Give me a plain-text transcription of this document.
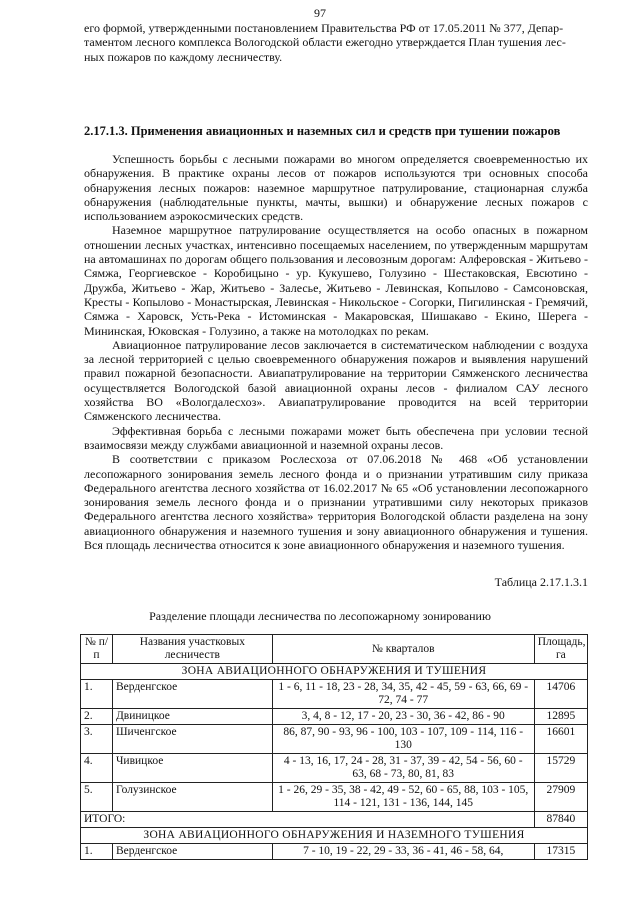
97
его формой, утвержденными постановлением Правительства РФ от 17.05.2011 № 377, Депар-
таментом лесного комплекса Вологодской области ежегодно утверждается План тушения лес-
ных пожаров по каждому лесничеству.
2.17.1.3. Применения авиационных и наземных сил и средств при тушении пожаров

Успешность борьбы с лесными пожарами во многом определяется своевременностью их обнаружения. В практике охраны лесов от пожаров используются три основных способа обнаружения лесных пожаров: наземное маршрутное патрулирование, стационарная служба обнаружения (наблюдательные пункты, мачты, вышки) и обнаружение лесных пожаров с использованием аэрокосмических средств.

Наземное маршрутное патрулирование осуществляется на особо опасных в пожарном отношении лесных участках, интенсивно посещаемых населением, по утвержденным маршрутам на автомашинах по дорогам общего пользования и лесовозным дорогам: Алферовская - Житьево - Сямжа, Георгиевское - Коробицыно - ур. Кукушево, Голузино - Шестаковская, Евсютино - Дружба, Житьево - Жар, Житьево - Залесье, Житьево - Левинская, Копылово - Самсоновская, Кресты - Копылово - Монастырская, Левинская - Никольское - Согорки, Пигилинская - Гремячий, Сямжа - Харовск, Усть-Река - Истоминская - Макаровская, Шишакаво - Екино, Шерега - Мининская, Юковская - Голузино, а также на мотолодках по рекам.

Авиационное патрулирование лесов заключается в систематическом наблюдении с воздуха за лесной территорией с целью своевременного обнаружения пожаров и выявления нарушений правил пожарной безопасности. Авиапатрулирование на территории Сямженского лесничества осуществляется Вологодской базой авиационной охраны лесов - филиалом САУ лесного хозяйства ВО «Вологдалесхоз». Авиапатрулирование проводится на всей территории Сямженского лесничества.

Эффективная борьба с лесными пожарами может быть обеспечена при условии тесной взаимосвязи между службами авиационной и наземной охраны лесов.

В соответствии с приказом Рослесхоза от 07.06.2018 № 468 «Об установлении лесопожарного зонирования земель лесного фонда и о признании утратившим силу приказа Федерального агентства лесного хозяйства от 16.02.2017 № 65 «Об установлении лесопожарного зонирования земель лесного фонда и о признании утратившими силу некоторых приказов Федерального агентства лесного хозяйства» территория Вологодской области разделена на зону авиационного обнаружения и наземного тушения и зону авиационного обнаружения и тушения. Вся площадь лесничества относится к зоне авиационного обнаружения и наземного тушения.

Таблица 2.17.1.3.1
Разделение площади лесничества по лесопожарному зонированию
№ п/п	Названия участковых лесничеств	№ кварталов	Площадь, га
ЗОНА АВИАЦИОННОГО ОБНАРУЖЕНИЯ И ТУШЕНИЯ			
1.	Верденгское	1 - 6, 11 - 18, 23 - 28, 34, 35, 42 - 45, 59 - 63, 66, 69 - 72, 74 - 77	14706
2.	Двиницкое	3, 4, 8 - 12, 17 - 20, 23 - 30, 36 - 42, 86 - 90	12895
3.	Шиченгское	86, 87, 90 - 93, 96 - 100, 103 - 107, 109 - 114, 116 - 130	16601
4.	Чивицкое	4 - 13, 16, 17, 24 - 28, 31 - 37, 39 - 42, 54 - 56, 60 - 63, 68 - 73, 80, 81, 83	15729
5.	Голузинское	1 - 26, 29 - 35, 38 - 42, 49 - 52, 60 - 65, 88, 103 - 105, 114 - 121, 131 - 136, 144, 145	27909
ИТОГО:			87840
ЗОНА АВИАЦИОННОГО ОБНАРУЖЕНИЯ И НАЗЕМНОГО ТУШЕНИЯ			
1.	Верденгское	7 - 10, 19 - 22, 29 - 33, 36 - 41, 46 - 58, 64,	17315
